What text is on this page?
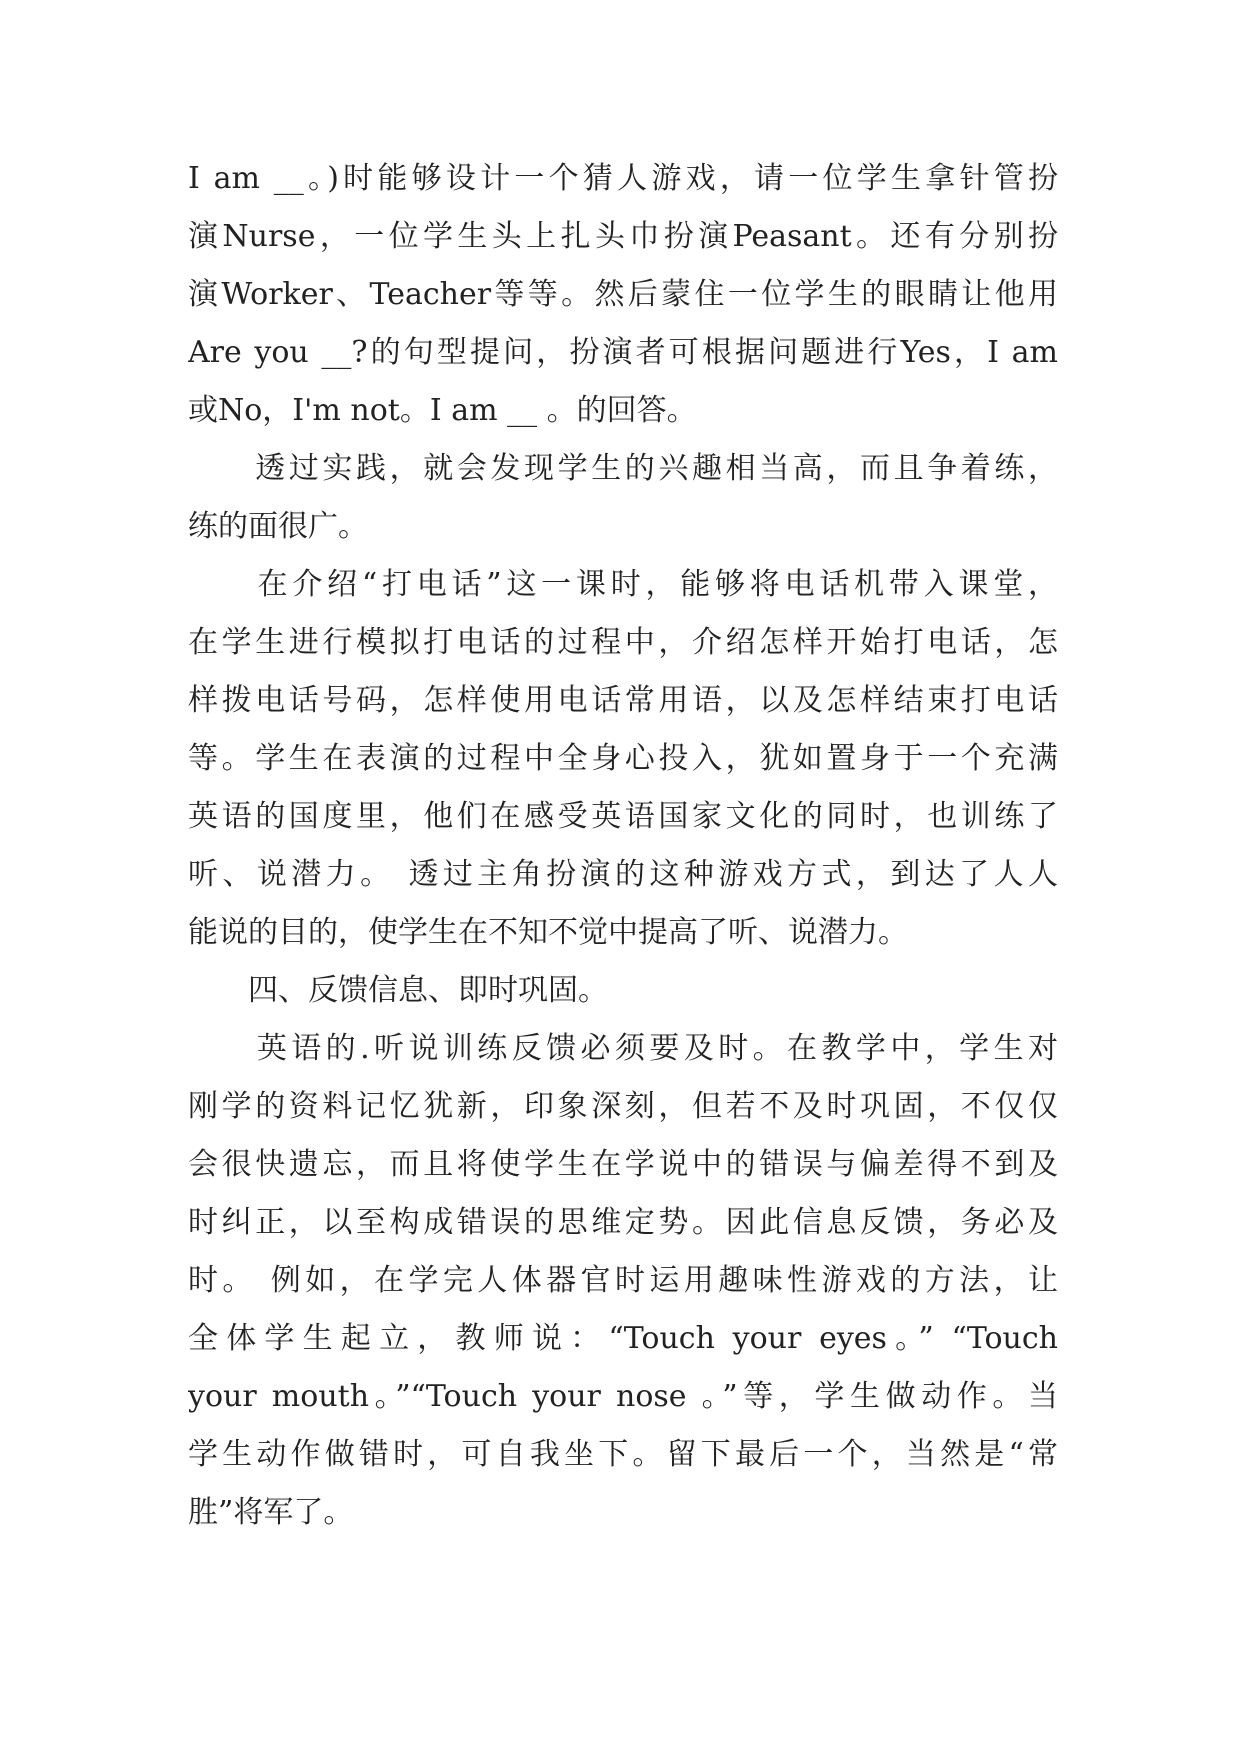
I am __。)时能够设计一个猜人游戏，请一位学生拿针管扮
演Nurse，一位学生头上扎头巾扮演Peasant。还有分别扮
演Worker、Teacher等等。然后蒙住一位学生的眼睛让他用
Are you __?的句型提问，扮演者可根据问题进行Yes，I am
或No，I'm not。I am __ 。的回答。
　　透过实践，就会发现学生的兴趣相当高，而且争着练，
练的面很广。
　　在介绍“打电话”这一课时，能够将电话机带入课堂，
在学生进行模拟打电话的过程中，介绍怎样开始打电话，怎
样拨电话号码，怎样使用电话常用语，以及怎样结束打电话
等。学生在表演的过程中全身心投入，犹如置身于一个充满
英语的国度里，他们在感受英语国家文化的同时，也训练了
听、说潜力。 透过主角扮演的这种游戏方式，到达了人人
能说的目的，使学生在不知不觉中提高了听、说潜力。
　　四、反馈信息、即时巩固。
　　英语的.听说训练反馈必须要及时。在教学中，学生对
刚学的资料记忆犹新，印象深刻，但若不及时巩固，不仅仅
会很快遗忘，而且将使学生在学说中的错误与偏差得不到及
时纠正，以至构成错误的思维定势。因此信息反馈，务必及
时。 例如，在学完人体器官时运用趣味性游戏的方法，让
全体学生起立，教师说：“Touch your eyes。” “Touch
your mouth。”“Touch your nose 。”等，学生做动作。当
学生动作做错时，可自我坐下。留下最后一个，当然是“常
胜”将军了。
